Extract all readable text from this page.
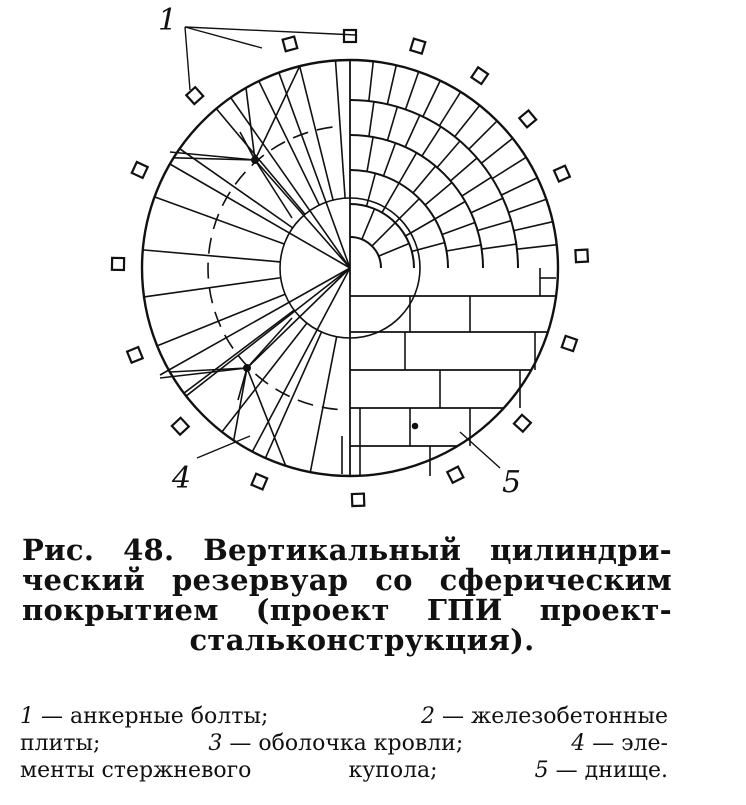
1
4	5
Рис. 48. Вертикальный цилиндри-
ческий резервуар со сферическим
покрытием (проект ГПИ проект-
стальконструкция).
1 — анкерные болты;	2 — железобетонные
плиты;	3 — оболочка кровли;	4 — эле-
менты стержневого	куполa;	5 — днище.
